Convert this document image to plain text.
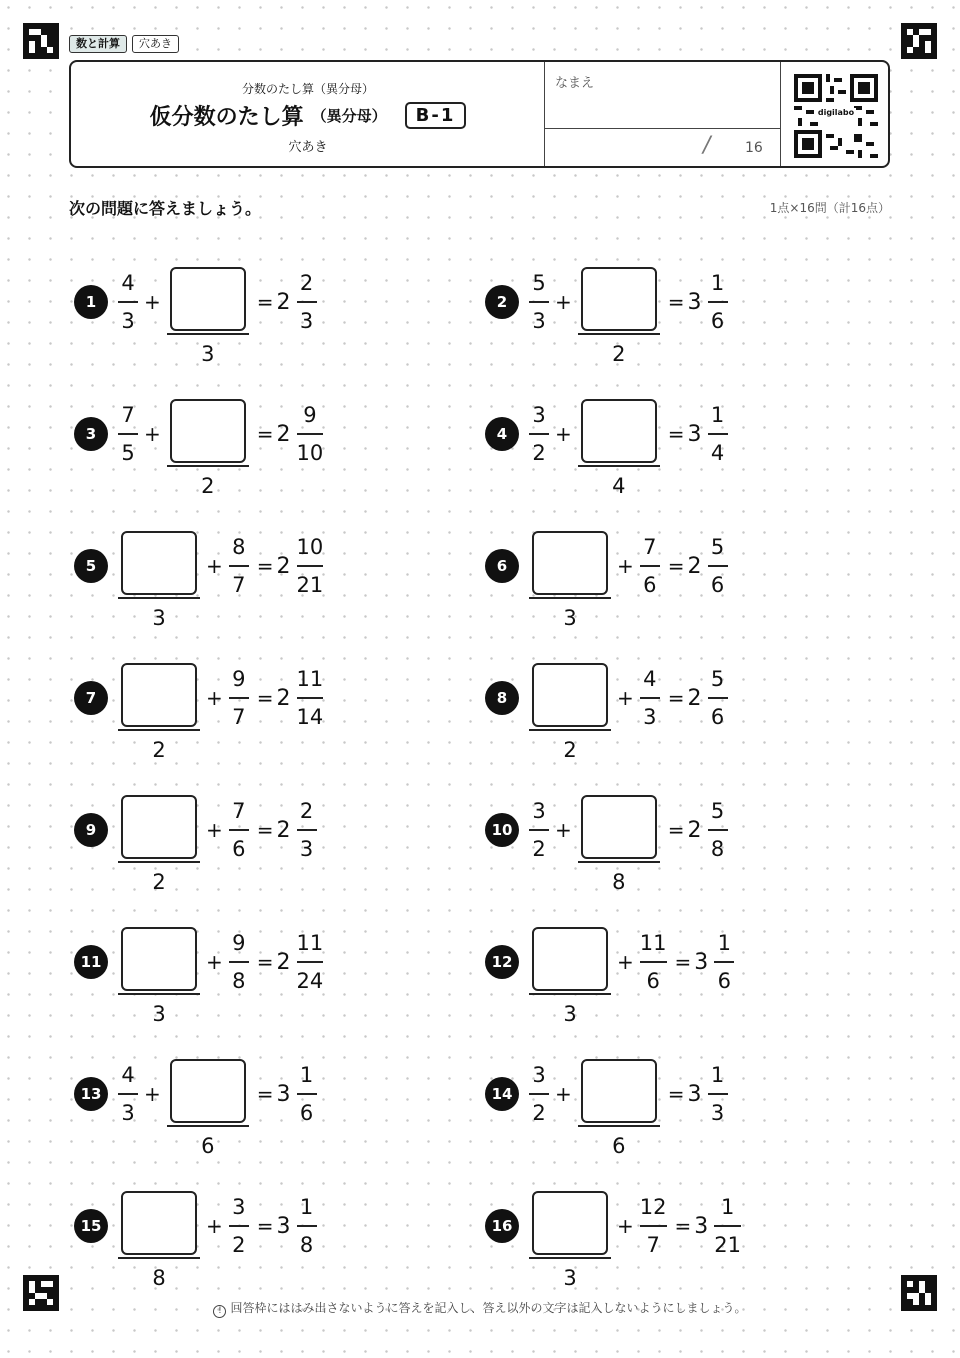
数と計算	穴あき
分数のたし算（異分母）
仮分数のたし算 （異分母）	B-1
穴あき
なまえ
/ 16
digilabo
次の問題に答えましょう。	1点×16問（計16点）
1	$\frac{4}{3}$ +
3
= $2 \frac{2}{3}$	2	$\frac{5}{3}$ +
2
= $3 \frac{1}{6}$
3	$\frac{7}{5}$ +
2
= $2 \frac{9}{10}$	4	$\frac{3}{2}$ +
4
= $3 \frac{1}{4}$
5
3
+ $\frac{8}{7} = 2 \frac{10}{21}$	6
3
+ $\frac{7}{6} = 2 \frac{5}{6}$
7
2
+ $\frac{9}{7} = 2 \frac{11}{14}$	8
2
+ $\frac{4}{3} = 2 \frac{5}{6}$
9
2
+ $\frac{7}{6} = 2 \frac{2}{3}$	$10 \frac{3}{2}$ +
8
= $2 \frac{5}{8}$
11
3
+ $\frac{9}{8} = 2 \frac{11}{24}$	12
3
+ $\frac{11}{6} = 3 \frac{1}{6}$
$13 \frac{4}{3}$ +
6
= $3 \frac{1}{6}$	$14 \frac{3}{2}$ +
6
= $3 \frac{1}{3}$
15
8
+ $\frac{3}{2} = 3 \frac{1}{8}$	16
3
+ $\frac{12}{7} = 3 \frac{1}{21}$
! 回答枠にははみ出さないように答えを記入し、答え以外の文字は記入しないようにしましょう。
